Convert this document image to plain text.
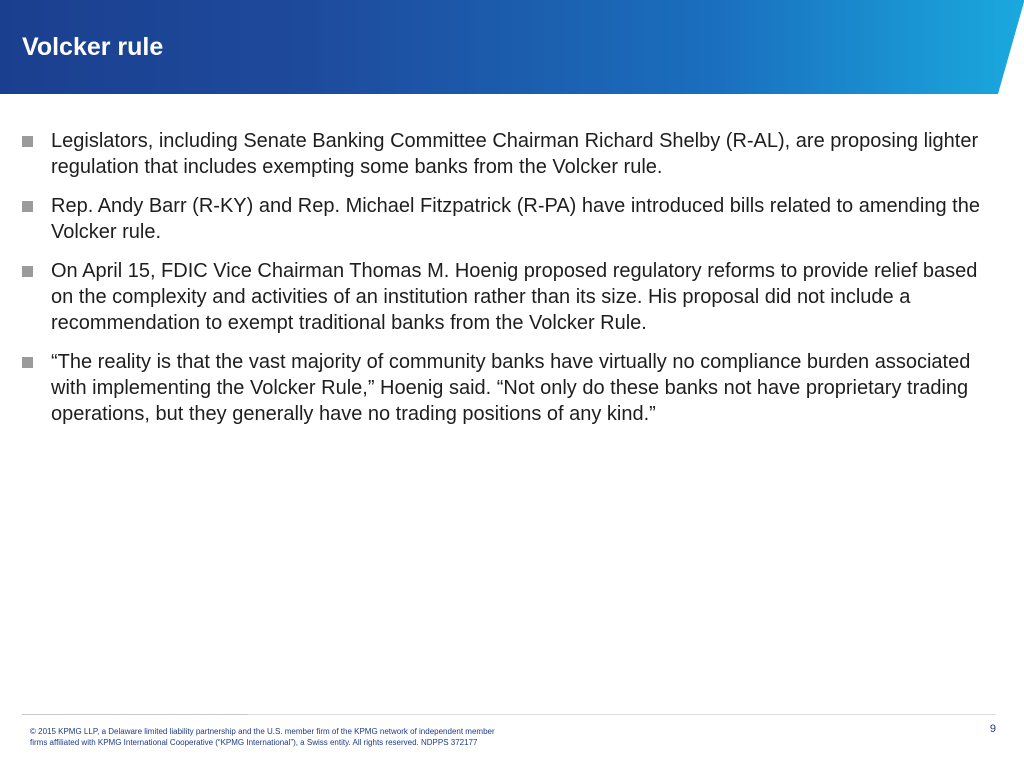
Volcker rule
Legislators, including Senate Banking Committee Chairman Richard Shelby (R-AL), are proposing lighter regulation that includes exempting some banks from the Volcker rule.
Rep. Andy Barr (R-KY) and Rep. Michael Fitzpatrick (R-PA) have introduced bills related to amending the Volcker rule.
On April 15, FDIC Vice Chairman Thomas M. Hoenig proposed regulatory reforms to provide relief based on the complexity and activities of an institution rather than its size. His proposal did not include a recommendation to exempt traditional banks from the Volcker Rule.
“The reality is that the vast majority of community banks have virtually no compliance burden associated with implementing the Volcker Rule,” Hoenig said. “Not only do these banks not have proprietary trading operations, but they generally have no trading positions of any kind.”
© 2015 KPMG LLP, a Delaware limited liability partnership and the U.S. member firm of the KPMG network of independent member
firms affiliated with KPMG International Cooperative (“KPMG International”), a Swiss entity. All rights reserved. NDPPS 372177
9
